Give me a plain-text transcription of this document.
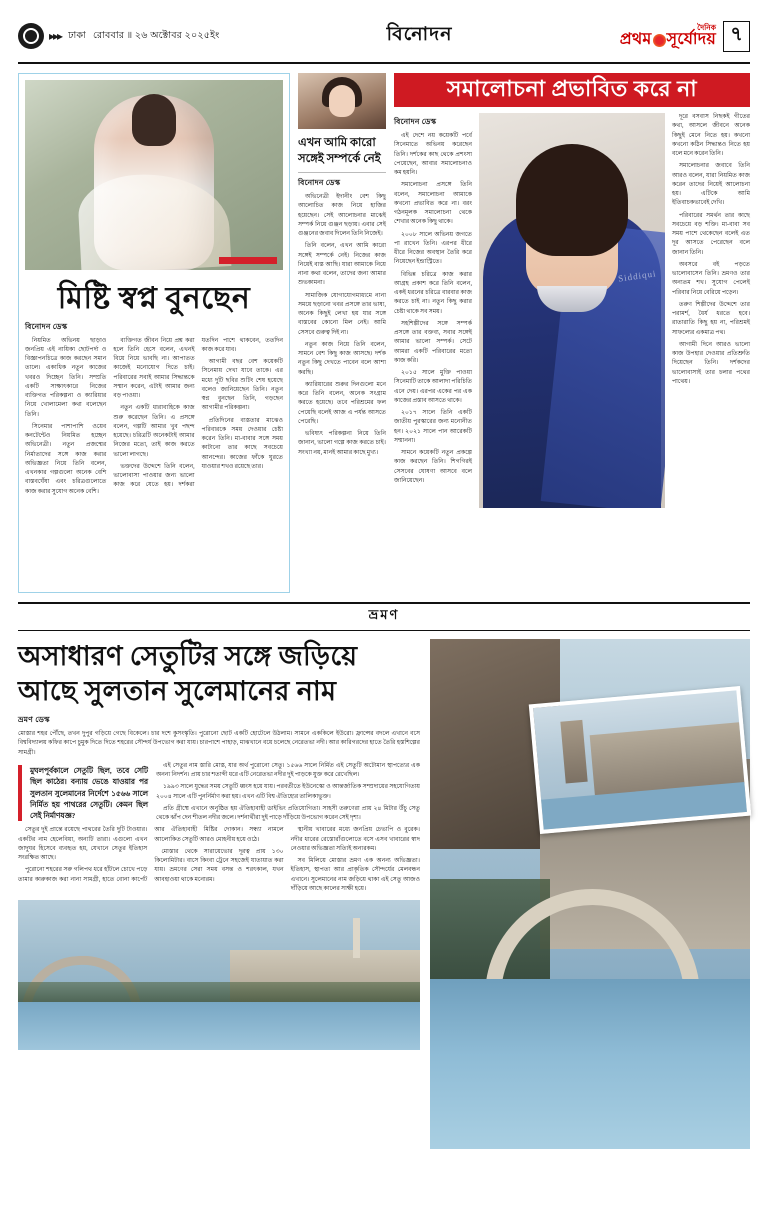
▸▸▸ ঢাকা রোববার ॥ ২৬ অক্টোবর ২০২৫ইং	বিনোদন	দৈনিক
প্রথম সূর্যোদয় ৭
মিষ্টি স্বপ্ন বুনছেন
বিনোদন ডেস্ক

নিয়মিত অভিনয় ছাড়াও জনপ্রিয় এই নায়িকা ছোটপর্দা ও বিজ্ঞাপনচিত্রে কাজ করছেন সমান তালে। একাধিক নতুন কাজের খবরও দিচ্ছেন তিনি। সম্প্রতি একটি সাক্ষাৎকারে নিজের ব্যক্তিগত পরিকল্পনা ও ক্যারিয়ার নিয়ে খোলামেলা কথা বলেছেন তিনি।

সিনেমার পাশাপাশি ওয়েব কনটেন্টেও নিয়মিত হচ্ছেন অভিনেত্রী। নতুন প্রজন্মের নির্মাতাদের সঙ্গে কাজ করার অভিজ্ঞতা নিয়ে তিনি বলেন, এখনকার গল্পগুলো অনেক বেশি বাস্তবঘেঁষা এবং চরিত্রগুলোতে কাজ করার সুযোগ অনেক বেশি।

ব্যক্তিগত জীবন নিয়ে প্রশ্ন করা হলে তিনি হেসে বলেন, এখনই বিয়ে নিয়ে ভাবছি না। আপাতত কাজেই মনোযোগ দিতে চাই। পরিবারের সবাই আমার সিদ্ধান্তকে সম্মান করেন, এটাই আমার জন্য বড় পাওয়া।

নতুন একটি ধারাবাহিকে কাজ শুরু করেছেন তিনি। এ প্রসঙ্গে বলেন, গল্পটি আমার খুব পছন্দ হয়েছে। চরিত্রটি অনেকটাই আমার নিজের মতো, তাই কাজ করতে ভালো লাগছে।

ভক্তদের উদ্দেশে তিনি বলেন, ভালোবাসা পাওয়ার জন্য ভালো কাজ করে যেতে হয়। দর্শকরা যতদিন পাশে থাকবেন, ততদিন কাজ করে যাব।

আগামী বছর বেশ কয়েকটি সিনেমায় দেখা যাবে তাকে। এর মধ্যে দুটি ছবির শুটিং শেষ হয়েছে বলেও জানিয়েছেন তিনি। নতুন স্বপ্ন বুনছেন তিনি, গড়ছেন আগামীর পরিকল্পনা।

প্রতিদিনের ব্যস্ততার মাঝেও পরিবারকে সময় দেওয়ার চেষ্টা করেন তিনি। মা-বাবার সঙ্গে সময় কাটানো তার কাছে সবচেয়ে আনন্দের। কাজের ফাঁকে ঘুরতে যাওয়ার শখও রয়েছে তার।

এখন আমি কারো সঙ্গেই সম্পর্কে নেই
বিনোদন ডেস্ক

অভিনেত্রী ইদানীং বেশ কিছু আলোচিত কাজ নিয়ে হাজির হয়েছেন। সেই আলোচনার মাঝেই সম্পর্ক নিয়ে গুঞ্জন ছড়ায়। এবার সেই গুঞ্জনের জবাব দিলেন তিনি নিজেই।

তিনি বলেন, এখন আমি কারো সঙ্গেই সম্পর্কে নেই। নিজের কাজ নিয়েই ব্যস্ত আছি। যারা আমাকে নিয়ে নানা কথা বলেন, তাদের জন্য আমার শুভকামনা।

সামাজিক যোগাযোগমাধ্যমে নানা সময়ে ছড়ানো খবর প্রসঙ্গে তার ভাষ্য, অনেক কিছুই লেখা হয় যার সঙ্গে বাস্তবের কোনো মিল নেই। আমি সেসবে গুরুত্ব দিই না।

নতুন কাজ নিয়ে তিনি বলেন, সামনে বেশ কিছু কাজ আসছে। দর্শক নতুন কিছু দেখতে পাবেন বলে আশা করছি।

ক্যারিয়ারের শুরুর দিনগুলো মনে করে তিনি বলেন, অনেক সংগ্রাম করতে হয়েছে। তবে পরিশ্রমের ফল পেয়েছি বলেই আজ এ পর্যন্ত আসতে পেরেছি।

ভবিষ্যৎ পরিকল্পনা নিয়ে তিনি জানান, ভালো গল্পে কাজ করতে চাই। সংখ্যা নয়, মানই আমার কাছে মুখ্য।

সমালোচনা প্রভাবিত করে না
বিনোদন ডেস্ক

এই দেশে নয় কয়েকটি পর্বে সিনেমাতে অভিনয় করেছেন তিনি। দর্শকের কাছ থেকে প্রশংসা পেয়েছেন, আবার সমালোচনাও কম হয়নি।

সমালোচনা প্রসঙ্গে তিনি বলেন, সমালোচনা আমাকে কখনো প্রভাবিত করে না। বরং গঠনমূলক সমালোচনা থেকে শেখার অনেক কিছু থাকে।

২০০৮ সালে অভিনয় জগতে পা রাখেন তিনি। এরপর ধীরে ধীরে নিজের অবস্থান তৈরি করে নিয়েছেন ইন্ডাস্ট্রিতে।

বিভিন্ন চরিত্রে কাজ করার আগ্রহ প্রকাশ করে তিনি বলেন, একই ধরনের চরিত্রে বারবার কাজ করতে চাই না। নতুন কিছু করার চেষ্টা থাকে সব সময়।

সহশিল্পীদের সঙ্গে সম্পর্ক প্রসঙ্গে তার বক্তব্য, সবার সঙ্গেই আমার ভালো সম্পর্ক। সেটে আমরা একটি পরিবারের মতো কাজ করি।

২০১৫ সালে মুক্তি পাওয়া সিনেমাটি তাকে আলাদা পরিচিতি এনে দেয়। এরপর একের পর এক কাজের প্রস্তাব আসতে থাকে।

২০১৭ সালে তিনি একটি জাতীয় পুরস্কারের জন্য মনোনীত হন। ২০২১ সালে পান আরেকটি সম্মাননা।

সামনে কয়েকটি নতুন প্রকল্পে কাজ করছেন তিনি। শিগগিরই সেসবের ঘোষণা আসবে বলে জানিয়েছেন।

Siddiqui

দূরে বসবাস নিছকই গীতের কথা, আসলে জীবনে অনেক কিছুই মেনে নিতে হয়। কখনো কখনো কঠিন সিদ্ধান্তও নিতে হয় বলে মনে করেন তিনি।

সমালোচনার জবাবে তিনি আরও বলেন, যারা নিয়মিত কাজ করেন তাদের নিয়েই আলোচনা হয়। এটিকে আমি ইতিবাচকভাবেই দেখি।

পরিবারের সমর্থন তার কাছে সবচেয়ে বড় শক্তি। মা-বাবা সব সময় পাশে থেকেছেন বলেই এত দূর আসতে পেরেছেন বলে জানান তিনি।

অবসরে বই পড়তে ভালোবাসেন তিনি। ভ্রমণও তার অন্যতম শখ। সুযোগ পেলেই পরিবার নিয়ে বেরিয়ে পড়েন।

তরুণ শিল্পীদের উদ্দেশে তার পরামর্শ, ধৈর্য ধরতে হবে। রাতারাতি কিছু হয় না, পরিশ্রমই সাফল্যের একমাত্র পথ।

আগামী দিনে আরও ভালো কাজ উপহার দেওয়ার প্রতিশ্রুতি দিয়েছেন তিনি। দর্শকদের ভালোবাসাই তার চলার পথের পাথেয়।

ভ্রমণ
অসাধারণ সেতুটির সঙ্গে জড়িয়ে আছে সুলতান সুলেমানের নাম
ভ্রমণ ডেস্ক
মোস্তার শহর পৌঁছে, তখন দুপুর গড়িয়ে গেছে বিকেলে। চার দশে কুসংস্কৃতি। পুরোনো ছোট একটি হোটেলে উঠলাম। সামনে এককিলে ইউরো। ফ্রান্সের বদলে এখানে বসে বিশ্ববিদ্যালয় কফির কাপে চুমুক দিতে দিতে শহরের সৌন্দর্য উপভোগ করা যায়। চারপাশে পাহাড়, মাঝখানে বয়ে চলেছে নেরেতভা নদী। আর কারিগরদের হাতে তৈরি হস্তশিল্পের সামগ্রী।
মুঘলপূর্বকালে সেতুটি ছিল, তবে সেটি ছিল কাঠের। বন্যায় ভেঙে যাওয়ার পর সুলতান সুলেমানের নির্দেশে ১৫৬৬ সালে নির্মিত হয় পাথরের সেতুটি। কেমন ছিল সেই নির্মাণযজ্ঞ?

এই সেতুর নাম স্তারি মোস্ত, যার অর্থ পুরোনো সেতু। ১৫৬৬ সালে নির্মিত এই সেতুটি অটোমান স্থাপত্যের এক অনন্য নিদর্শন। প্রায় চার শতাব্দী ধরে এটি নেরেতভা নদীর দুই পাড়কে যুক্ত করে রেখেছিল।

১৯৯৩ সালে যুদ্ধের সময় সেতুটি ধ্বংস হয়ে যায়। পরবর্তীতে ইউনেস্কো ও আন্তর্জাতিক সম্প্রদায়ের সহযোগিতায় ২০০৪ সালে এটি পুনর্নির্মাণ করা হয়। এখন এটি বিশ্ব ঐতিহ্যের তালিকাভুক্ত।

প্রতি গ্রীষ্মে এখানে অনুষ্ঠিত হয় ঐতিহ্যবাহী ডাইভিং প্রতিযোগিতা। সাহসী তরুণেরা প্রায় ২৪ মিটার উঁচু সেতু থেকে ঝাঁপ দেন শীতল নদীর জলে। দর্শনার্থীরা দুই পাড়ে দাঁড়িয়ে উপভোগ করেন সেই দৃশ্য।

সেতুর দুই প্রান্তে রয়েছে পাথরের তৈরি দুটি টাওয়ার। একটির নাম হেলেবিয়া, অন্যটি তারা। এগুলো এখন জাদুঘর হিসেবে ব্যবহৃত হয়, যেখানে সেতুর ইতিহাস সংরক্ষিত আছে।

পুরোনো শহরের সরু গলিপথ ধরে হাঁটলে চোখে পড়ে তামার কারুকাজ করা নানা সামগ্রী, হাতে বোনা কার্পেট আর ঐতিহ্যবাহী মিষ্টির দোকান। সন্ধ্যা নামলে আলোকিত সেতুটি আরও মোহনীয় হয়ে ওঠে।

মোস্তার থেকে সারায়েভোর দূরত্ব প্রায় ১৩০ কিলোমিটার। বাসে কিংবা ট্রেনে সহজেই যাতায়াত করা যায়। ভ্রমণের সেরা সময় বসন্ত ও শরৎকাল, যখন আবহাওয়া থাকে মনোরম।

স্থানীয় খাবারের মধ্যে জনপ্রিয় চেভাপি ও বুরেক। নদীর ধারের রেস্তোরাঁগুলোতে বসে এসব খাবারের স্বাদ নেওয়ার অভিজ্ঞতা সত্যিই অন্যরকম।

সব মিলিয়ে মোস্তার ভ্রমণ এক অনন্য অভিজ্ঞতা। ইতিহাস, স্থাপত্য আর প্রাকৃতিক সৌন্দর্যের মেলবন্ধন এখানে। সুলেমানের নাম জড়িয়ে থাকা এই সেতু আজও দাঁড়িয়ে আছে কালের সাক্ষী হয়ে।
